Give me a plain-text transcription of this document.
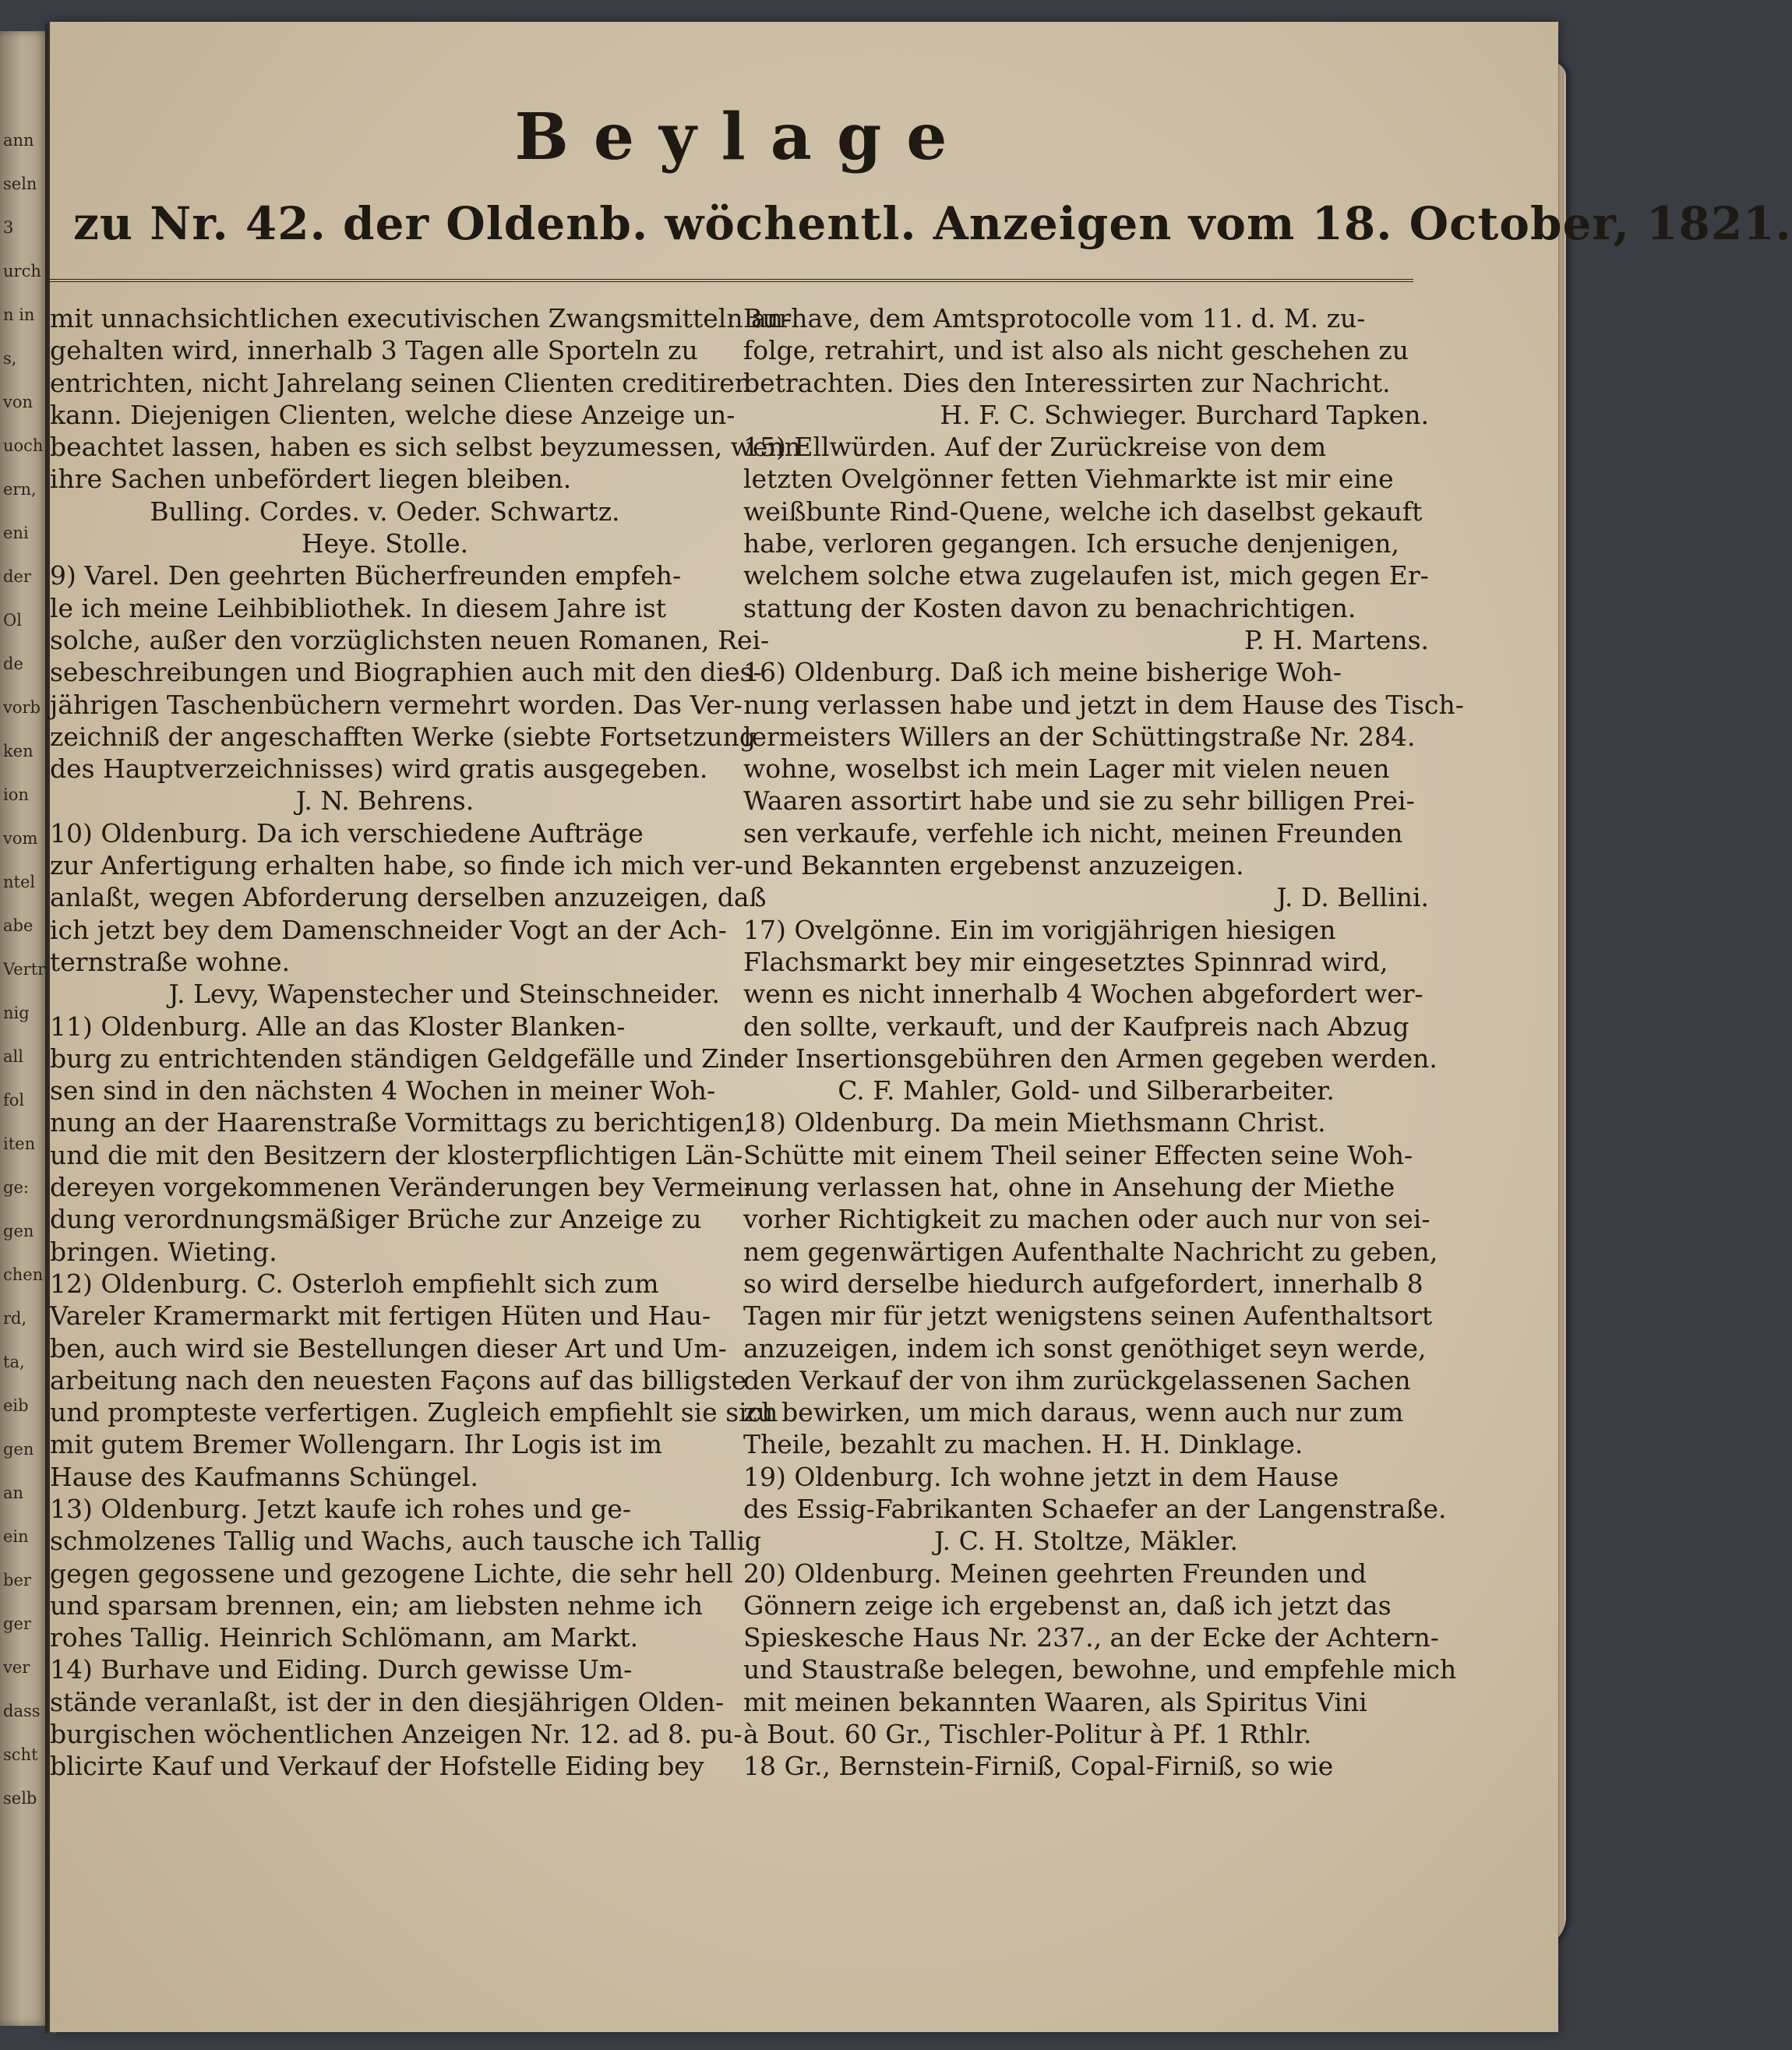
ann
seln
3
urch
n in
s,
von
uoch
ern,
eni
der
Ol
de
vorb
ken
ion
vom
ntel
abe
Vertr
nig
all
fol
iten
ge:
gen
chen
rd,
ta,
eib
gen
an
ein
ber
ger
ver
dass
scht
selb
Beylage
zu Nr. 42. der Oldenb. wöchentl. Anzeigen vom 18. October, 1821.
mit unnachsichtlichen executivischen Zwangsmitteln an-
gehalten wird, innerhalb 3 Tagen alle Sporteln zu
entrichten, nicht Jahrelang seinen Clienten creditiren
kann. Diejenigen Clienten, welche diese Anzeige un-
beachtet lassen, haben es sich selbst beyzumessen, wenn
ihre Sachen unbefördert liegen bleiben.
Bulling. Cordes. v. Oeder. Schwartz.
Heye. Stolle.
9) Varel. Den geehrten Bücherfreunden empfeh-
le ich meine Leihbibliothek. In diesem Jahre ist
solche, außer den vorzüglichsten neuen Romanen, Rei-
sebeschreibungen und Biographien auch mit den dies-
jährigen Taschenbüchern vermehrt worden. Das Ver-
zeichniß der angeschafften Werke (siebte Fortsetzung
des Hauptverzeichnisses) wird gratis ausgegeben.
J. N. Behrens.
10) Oldenburg. Da ich verschiedene Aufträge
zur Anfertigung erhalten habe, so finde ich mich ver-
anlaßt, wegen Abforderung derselben anzuzeigen, daß
ich jetzt bey dem Damenschneider Vogt an der Ach-
ternstraße wohne.
J. Levy, Wapenstecher und Steinschneider.
11) Oldenburg. Alle an das Kloster Blanken-
burg zu entrichtenden ständigen Geldgefälle und Zin-
sen sind in den nächsten 4 Wochen in meiner Woh-
nung an der Haarenstraße Vormittags zu berichtigen,
und die mit den Besitzern der klosterpflichtigen Län-
dereyen vorgekommenen Veränderungen bey Vermei-
dung verordnungsmäßiger Brüche zur Anzeige zu
bringen. Wieting.
12) Oldenburg. C. Osterloh empfiehlt sich zum
Vareler Kramermarkt mit fertigen Hüten und Hau-
ben, auch wird sie Bestellungen dieser Art und Um-
arbeitung nach den neuesten Façons auf das billigste
und prompteste verfertigen. Zugleich empfiehlt sie sich
mit gutem Bremer Wollengarn. Ihr Logis ist im
Hause des Kaufmanns Schüngel.
13) Oldenburg. Jetzt kaufe ich rohes und ge-
schmolzenes Tallig und Wachs, auch tausche ich Tallig
gegen gegossene und gezogene Lichte, die sehr hell
und sparsam brennen, ein; am liebsten nehme ich
rohes Tallig. Heinrich Schlömann, am Markt.
14) Burhave und Eiding. Durch gewisse Um-
stände veranlaßt, ist der in den diesjährigen Olden-
burgischen wöchentlichen Anzeigen Nr. 12. ad 8. pu-
blicirte Kauf und Verkauf der Hofstelle Eiding bey
Burhave, dem Amtsprotocolle vom 11. d. M. zu-
folge, retrahirt, und ist also als nicht geschehen zu
betrachten. Dies den Interessirten zur Nachricht.
H. F. C. Schwieger. Burchard Tapken.
15) Ellwürden. Auf der Zurückreise von dem
letzten Ovelgönner fetten Viehmarkte ist mir eine
weißbunte Rind-Quene, welche ich daselbst gekauft
habe, verloren gegangen. Ich ersuche denjenigen,
welchem solche etwa zugelaufen ist, mich gegen Er-
stattung der Kosten davon zu benachrichtigen.
P. H. Martens.
16) Oldenburg. Daß ich meine bisherige Woh-
nung verlassen habe und jetzt in dem Hause des Tisch-
lermeisters Willers an der Schüttingstraße Nr. 284.
wohne, woselbst ich mein Lager mit vielen neuen
Waaren assortirt habe und sie zu sehr billigen Prei-
sen verkaufe, verfehle ich nicht, meinen Freunden
und Bekannten ergebenst anzuzeigen.
J. D. Bellini.
17) Ovelgönne. Ein im vorigjährigen hiesigen
Flachsmarkt bey mir eingesetztes Spinnrad wird,
wenn es nicht innerhalb 4 Wochen abgefordert wer-
den sollte, verkauft, und der Kaufpreis nach Abzug
der Insertionsgebühren den Armen gegeben werden.
C. F. Mahler, Gold- und Silberarbeiter.
18) Oldenburg. Da mein Miethsmann Christ.
Schütte mit einem Theil seiner Effecten seine Woh-
nung verlassen hat, ohne in Ansehung der Miethe
vorher Richtigkeit zu machen oder auch nur von sei-
nem gegenwärtigen Aufenthalte Nachricht zu geben,
so wird derselbe hiedurch aufgefordert, innerhalb 8
Tagen mir für jetzt wenigstens seinen Aufenthaltsort
anzuzeigen, indem ich sonst genöthiget seyn werde,
den Verkauf der von ihm zurückgelassenen Sachen
zu bewirken, um mich daraus, wenn auch nur zum
Theile, bezahlt zu machen. H. H. Dinklage.
19) Oldenburg. Ich wohne jetzt in dem Hause
des Essig-Fabrikanten Schaefer an der Langenstraße.
J. C. H. Stoltze, Mäkler.
20) Oldenburg. Meinen geehrten Freunden und
Gönnern zeige ich ergebenst an, daß ich jetzt das
Spieskesche Haus Nr. 237., an der Ecke der Achtern-
und Staustraße belegen, bewohne, und empfehle mich
mit meinen bekannten Waaren, als Spiritus Vini
à Bout. 60 Gr., Tischler-Politur à Pf. 1 Rthlr.
18 Gr., Bernstein-Firniß, Copal-Firniß, so wie
